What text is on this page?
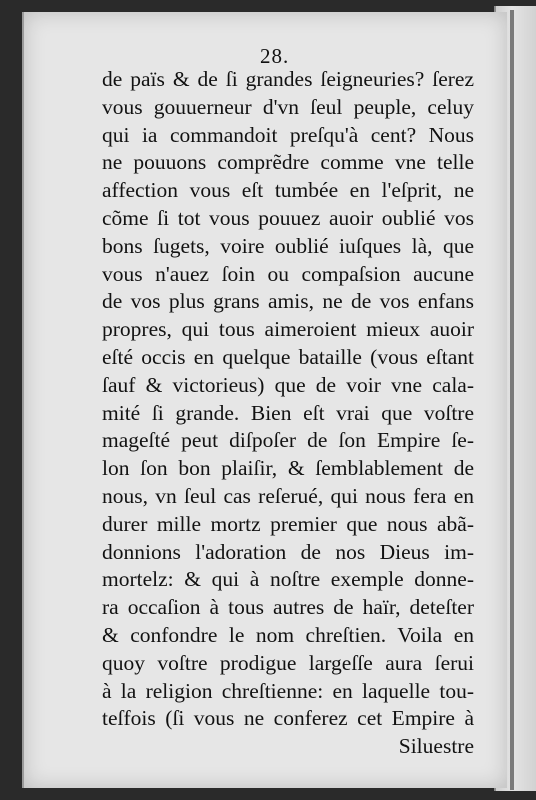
28.
de païs & de ſi grandes ſeigneuries? ſerez
vous gouuerneur d'vn ſeul peuple, celuy
qui ia commandoit preſqu'à cent? Nous
ne pouuons comprẽdre comme vne telle
affection vous eſt tumbée en l'eſprit, ne
cõme ſi tot vous pouuez auoir oublié vos
bons ſugets, voire oublié iuſques là, que
vous n'auez ſoin ou compaſsion aucune
de vos plus grans amis, ne de vos enfans
propres, qui tous aimeroient mieux auoir
eſté occis en quelque bataille (vous eſtant
ſauf & victorieus) que de voir vne cala-
mité ſi grande. Bien eſt vrai que voſtre
mageſté peut diſpoſer de ſon Empire ſe-
lon ſon bon plaiſir, & ſemblablement de
nous, vn ſeul cas reſerué, qui nous fera en
durer mille mortz premier que nous abã-
donnions l'adoration de nos Dieus im-
mortelz: & qui à noſtre exemple donne-
ra occaſion à tous autres de haïr, deteſter
& confondre le nom chreſtien. Voila en
quoy voſtre prodigue largeſſe aura ſerui
à la religion chreſtienne: en laquelle tou-
teſfois (ſi vous ne conferez cet Empire à
Siluestre
